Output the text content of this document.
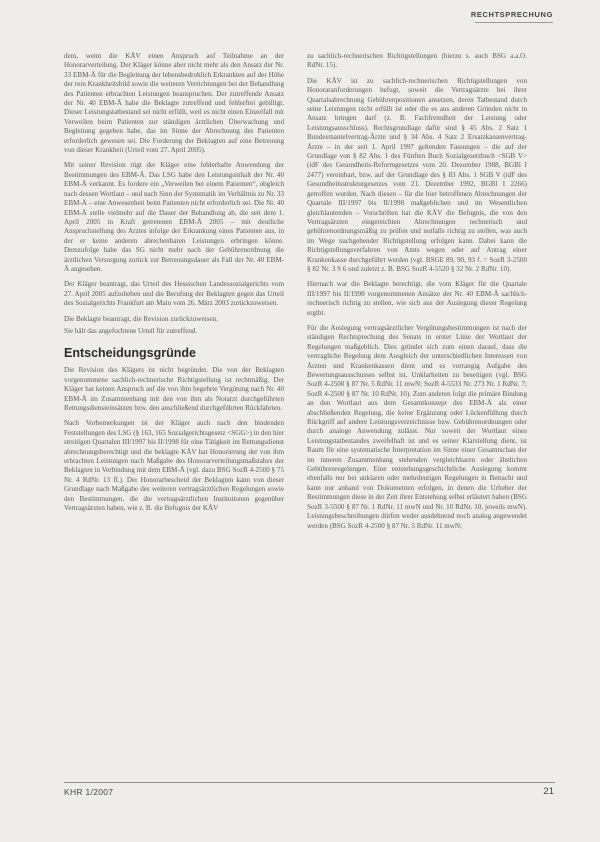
RECHTSPRECHUNG

dem, wenn die KÄV einen Anspruch auf Teilnahme an der Honorarverteilung. Der Kläger könne aber nicht mehr als den Ansatz der Nr. 33 EBM-Ä für die Begleitung der lebensbedrohlich Erkrankten auf der Höhe der rein Krankheitsbild sowie die weiteren Verrichtungen bei der Behandlung des Patienten erbrachten Leistungen beanspruchen. Der zutreffende Ansatz der Nr. 40 EBM-Ä habe die Beklagte zutreffend und fehlerfrei gebilligt. Dieser Leistungstatbestand sei nicht erfüllt, weil es nicht einen Einzelfall mit Verweilen beim Patienten zur ständigen ärztlichen Überwachung und Begleitung gegeben habe, das im Sinne der Abrechnung des Patienten erforderlich gewesen sei. Die Forderung der Beklagten auf eine Betreuung von dieser Krankheit (Urteil vom 27. April 2005).

Mit seiner Revision rügt der Kläger eine fehlerhafte Anwendung der Bestimmungen des EBM-Ä. Das LSG habe den Leistungsinhalt der Nr. 40 EBM-Ä verkannt. Es fordere ein „Verweilen bei einem Patienten“, obgleich nach dessen Wortlaut – und nach Sinn der Systematik im Verhältnis zu Nr. 33 EBM-Ä – eine Anwesenheit beim Patienten nicht erforderlich sei. Die Nr. 40 EBM-Ä stelle vielmehr auf die Dauer der Behandlung ab, die seit dem 1. April 2005 in Kraft getretenen EBM-Ä 2005 – mit deutliche Anspruchstellung des Arztes infolge der Erkrankung eines Patienten aus, in der er keine anderen abrechenbaren Leistungen erbringen könne. Demzufolge habe das SG nicht mehr nach der Gebührenordnung die ärztlichen Versorgung zurück zur Betreuungsdauer als Fall der Nr. 40 EBM-Ä angesehen.

Der Kläger beantragt, das Urteil des Hessischen Landessozialgerichts vom 27. April 2005 aufzuheben und die Berufung der Beklagten gegen das Urteil des Sozialgerichts Frankfurt am Main vom 26. März 2003 zurückzuweisen.

Die Beklagte beantragt, die Revision zurückzuweisen.

Sie hält das angefochtene Urteil für zutreffend.

Entscheidungsgründe

Die Revision des Klägers ist nicht begründet. Die von der Beklagten vorgenommene sachlich-rechnerische Richtigstellung ist rechtmäßig. Der Kläger hat keinen Anspruch auf die von ihm begehrte Vergütung nach Nr. 40 EBM-Ä im Zusammenhang mit den von ihm als Notarzt durchgeführten Rettungsdiensteinsätzen bzw. den anschließend durchgeführten Rückfahrten.

Nach Vorbemerkungen ist der Kläger auch nach den bindenden Feststellungen des LSG (§ 163, 165 Sozialgerichtsgesetz <SGG>) in den hier streitigen Quartalen III/1997 bis II/1998 für eine Tätigkeit im Rettungsdienst abrechnungsberechtigt und die beklagte KÄV hat Honorierung der von ihm erbrachten Leistungen nach Maßgabe des Honorarverteilungsmaßstabes der Beklagten in Verbindung mit dem EBM-Ä (vgl. dazu BSG SozR 4-2500 § 75 Nr. 4 RdNr. 13 ff.). Der Honorarbescheid der Beklagten kann von dieser Grundlage nach Maßgabe des weiteren vertragsärztlichen Regelungen sowie den Bestimmungen, die die vertragsärztlichen Institutionen gegenüber Vertragsärzten haben, wie z. B. die Befugnis der KÄV

zu sachlich-rechnerischen Richtigstellungen (hierzu s. auch BSG a.a.O. RdNr. 15).

Die KÄV ist zu sachlich-rechnerischen Richtigstellungen von Honoraranforderungen befugt, soweit die Vertragsärzte bei ihrer Quartalsabrechnung Gebührenpositionen ansetzen, deren Tatbestand durch seine Leistungen nicht erfüllt ist oder die es aus anderen Gründen nicht in Ansatz bringen darf (z. B. Fachfremdheit der Leistung oder Leistungsausschluss). Rechtsgrundlage dafür sind § 45 Abs. 2 Satz 1 Bundesmantelvertrag-Ärzte und § 34 Abs. 4 Satz 2 Ersatzkassenvertrag-Ärzte – in der seit 1. April 1997 geltenden Fassungen – die auf der Grundlage von § 82 Abs. 1 des Fünften Buch Sozialgesetzbuch <SGB V> (idF des Gesundheits-Reformgesetzes vom 20. Dezember 1988, BGBl I 2477) vereinbart, bzw. auf der Grundlage des § 83 Abs. 1 SGB V (idF des Gesundheitsstrukturgesetzes vom 21. Dezember 1992, BGBl I 2266) getroffen wurden. Nach diesen – für die hier betroffenen Abrechnungen der Quartale III/1997 bis II/1998 maßgeblichen und im Wesentlichen gleichlautenden – Vorschriften hat die KÄV die Befugnis, die von den Vertragsärzten eingereichten Abrechnungen rechnerisch und gebührenordnungsmäßig zu prüfen und notfalls richtig zu stellen, was auch im Wege nachgehender Richtigstellung erfolgen kann. Dabei kann die Richtigstellungsverfahren von Amts wegen oder auf Antrag einer Krankenkasse durchgeführt werden (vgl. BSGE 89, 90, 93 f. = SozR 3-2500 § 82 Nr. 3 S 6 und zuletzt z. B. BSG SozR 4-5520 § 32 Nr. 2 RdNr. 10).

Hiernach war die Beklagte berechtigt, die vom Kläger für die Quartale III/1997 bis II/1998 vorgenommenen Ansätze der Nr. 40 EBM-Ä sachlich-rechnerisch richtig zu stellen, wie sich aus der Auslegung dieser Regelung ergibt.

Für die Auslegung vertragsärztlicher Vergütungsbestimmungen ist nach der ständigen Rechtsprechung des Senats in erster Linie der Wortlaut der Regelungen maßgeblich. Dies gründet sich zum einen darauf, dass die vertragliche Regelung dem Ausgleich der unterschiedlichen Interessen von Ärzten und Krankenkassen dient und es vorrangig Aufgabe des Bewertungsausschusses selbst ist, Unklarheiten zu beseitigen (vgl. BSG SozR 4-2500 § 87 Nr. 5 RdNr. 11 mwN; SozR 4-5533 Nr. 273 Nr. 1 RdNr. 7; SozR 4-2500 § 87 Nr. 10 RdNr. 10). Zum anderen folgt die primäre Bindung an den Wortlaut aus dem Gesamtkonzept des EBM-Ä als einer abschließenden Regelung, die keine Ergänzung oder Lückenfüllung durch Rückgriff auf andere Leistungsverzeichnisse bzw. Gebührenordnungen oder durch analoge Anwendung zulässt. Nur soweit der Wortlaut eines Leistungstatbestandes zweifelhaft ist und es seiner Klarstellung dient, ist Raum für eine systematische Interpretation im Sinne einer Gesamtschau der im inneren Zusammenhang stehenden vergleichbaren oder ähnlichen Gebührenregelungen. Eine entstehungsgeschichtliche Auslegung kommt ebenfalls nur bei unklaren oder mehrdeutigen Regelungen in Betracht und kann nur anhand von Dokumenten erfolgen, in denen die Urheber der Bestimmungen diese in der Zeit ihrer Entstehung selbst erläutert haben (BSG SozR 3-5500 § 87 Nr. 1 RdNr. 11 mwN und Nr. 10 RdNr. 10, jeweils mwN). Leistungsbeschreibungen dürfen weder ausdehnend noch analog angewendet werden (BSG SozR 4-2500 § 87 Nr. 5 RdNr. 11 mwN;

KHR 1/2007	21
